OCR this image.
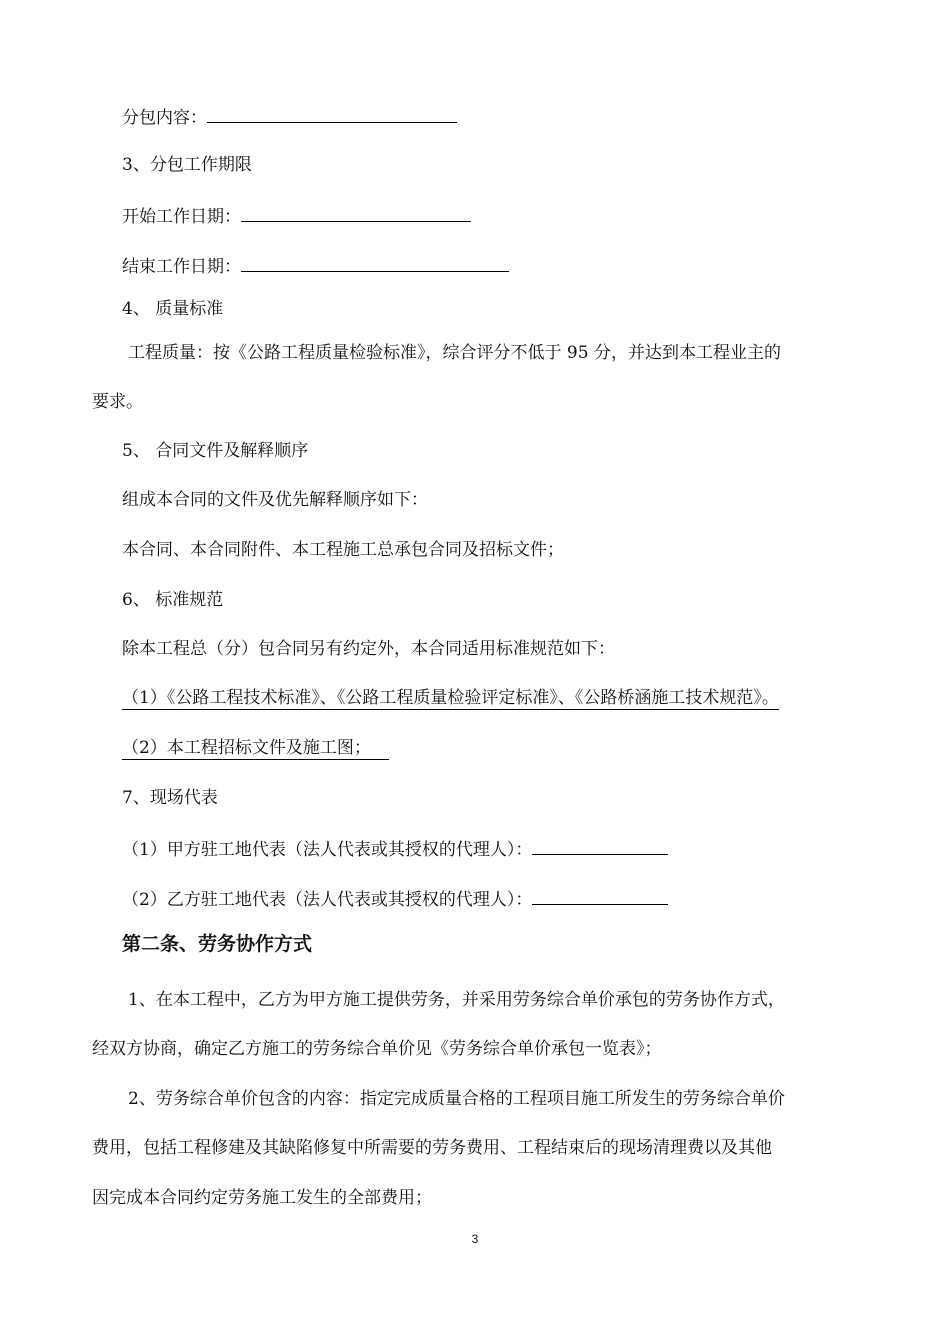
分包内容：
3、分包工作期限
开始工作日期：
结束工作日期：
4、 质量标准
工程质量：按《公路工程质量检验标准》，综合评分不低于 95 分，并达到本工程业主的
要求。
5、 合同文件及解释顺序
组成本合同的文件及优先解释顺序如下：
本合同、本合同附件、本工程施工总承包合同及招标文件；
6、 标准规范
除本工程总（分）包合同另有约定外，本合同适用标准规范如下：
（1）《公路工程技术标准》、《公路工程质量检验评定标准》、《公路桥涵施工技术规范》。
（2）本工程招标文件及施工图；
7、现场代表
（1）甲方驻工地代表（法人代表或其授权的代理人）：
（2）乙方驻工地代表（法人代表或其授权的代理人）：
第二条、劳务协作方式
1、在本工程中，乙方为甲方施工提供劳务，并采用劳务综合单价承包的劳务协作方式，
经双方协商，确定乙方施工的劳务综合单价见《劳务综合单价承包一览表》；
2、劳务综合单价包含的内容：指定完成质量合格的工程项目施工所发生的劳务综合单价
费用，包括工程修建及其缺陷修复中所需要的劳务费用、工程结束后的现场清理费以及其他
因完成本合同约定劳务施工发生的全部费用；
3
